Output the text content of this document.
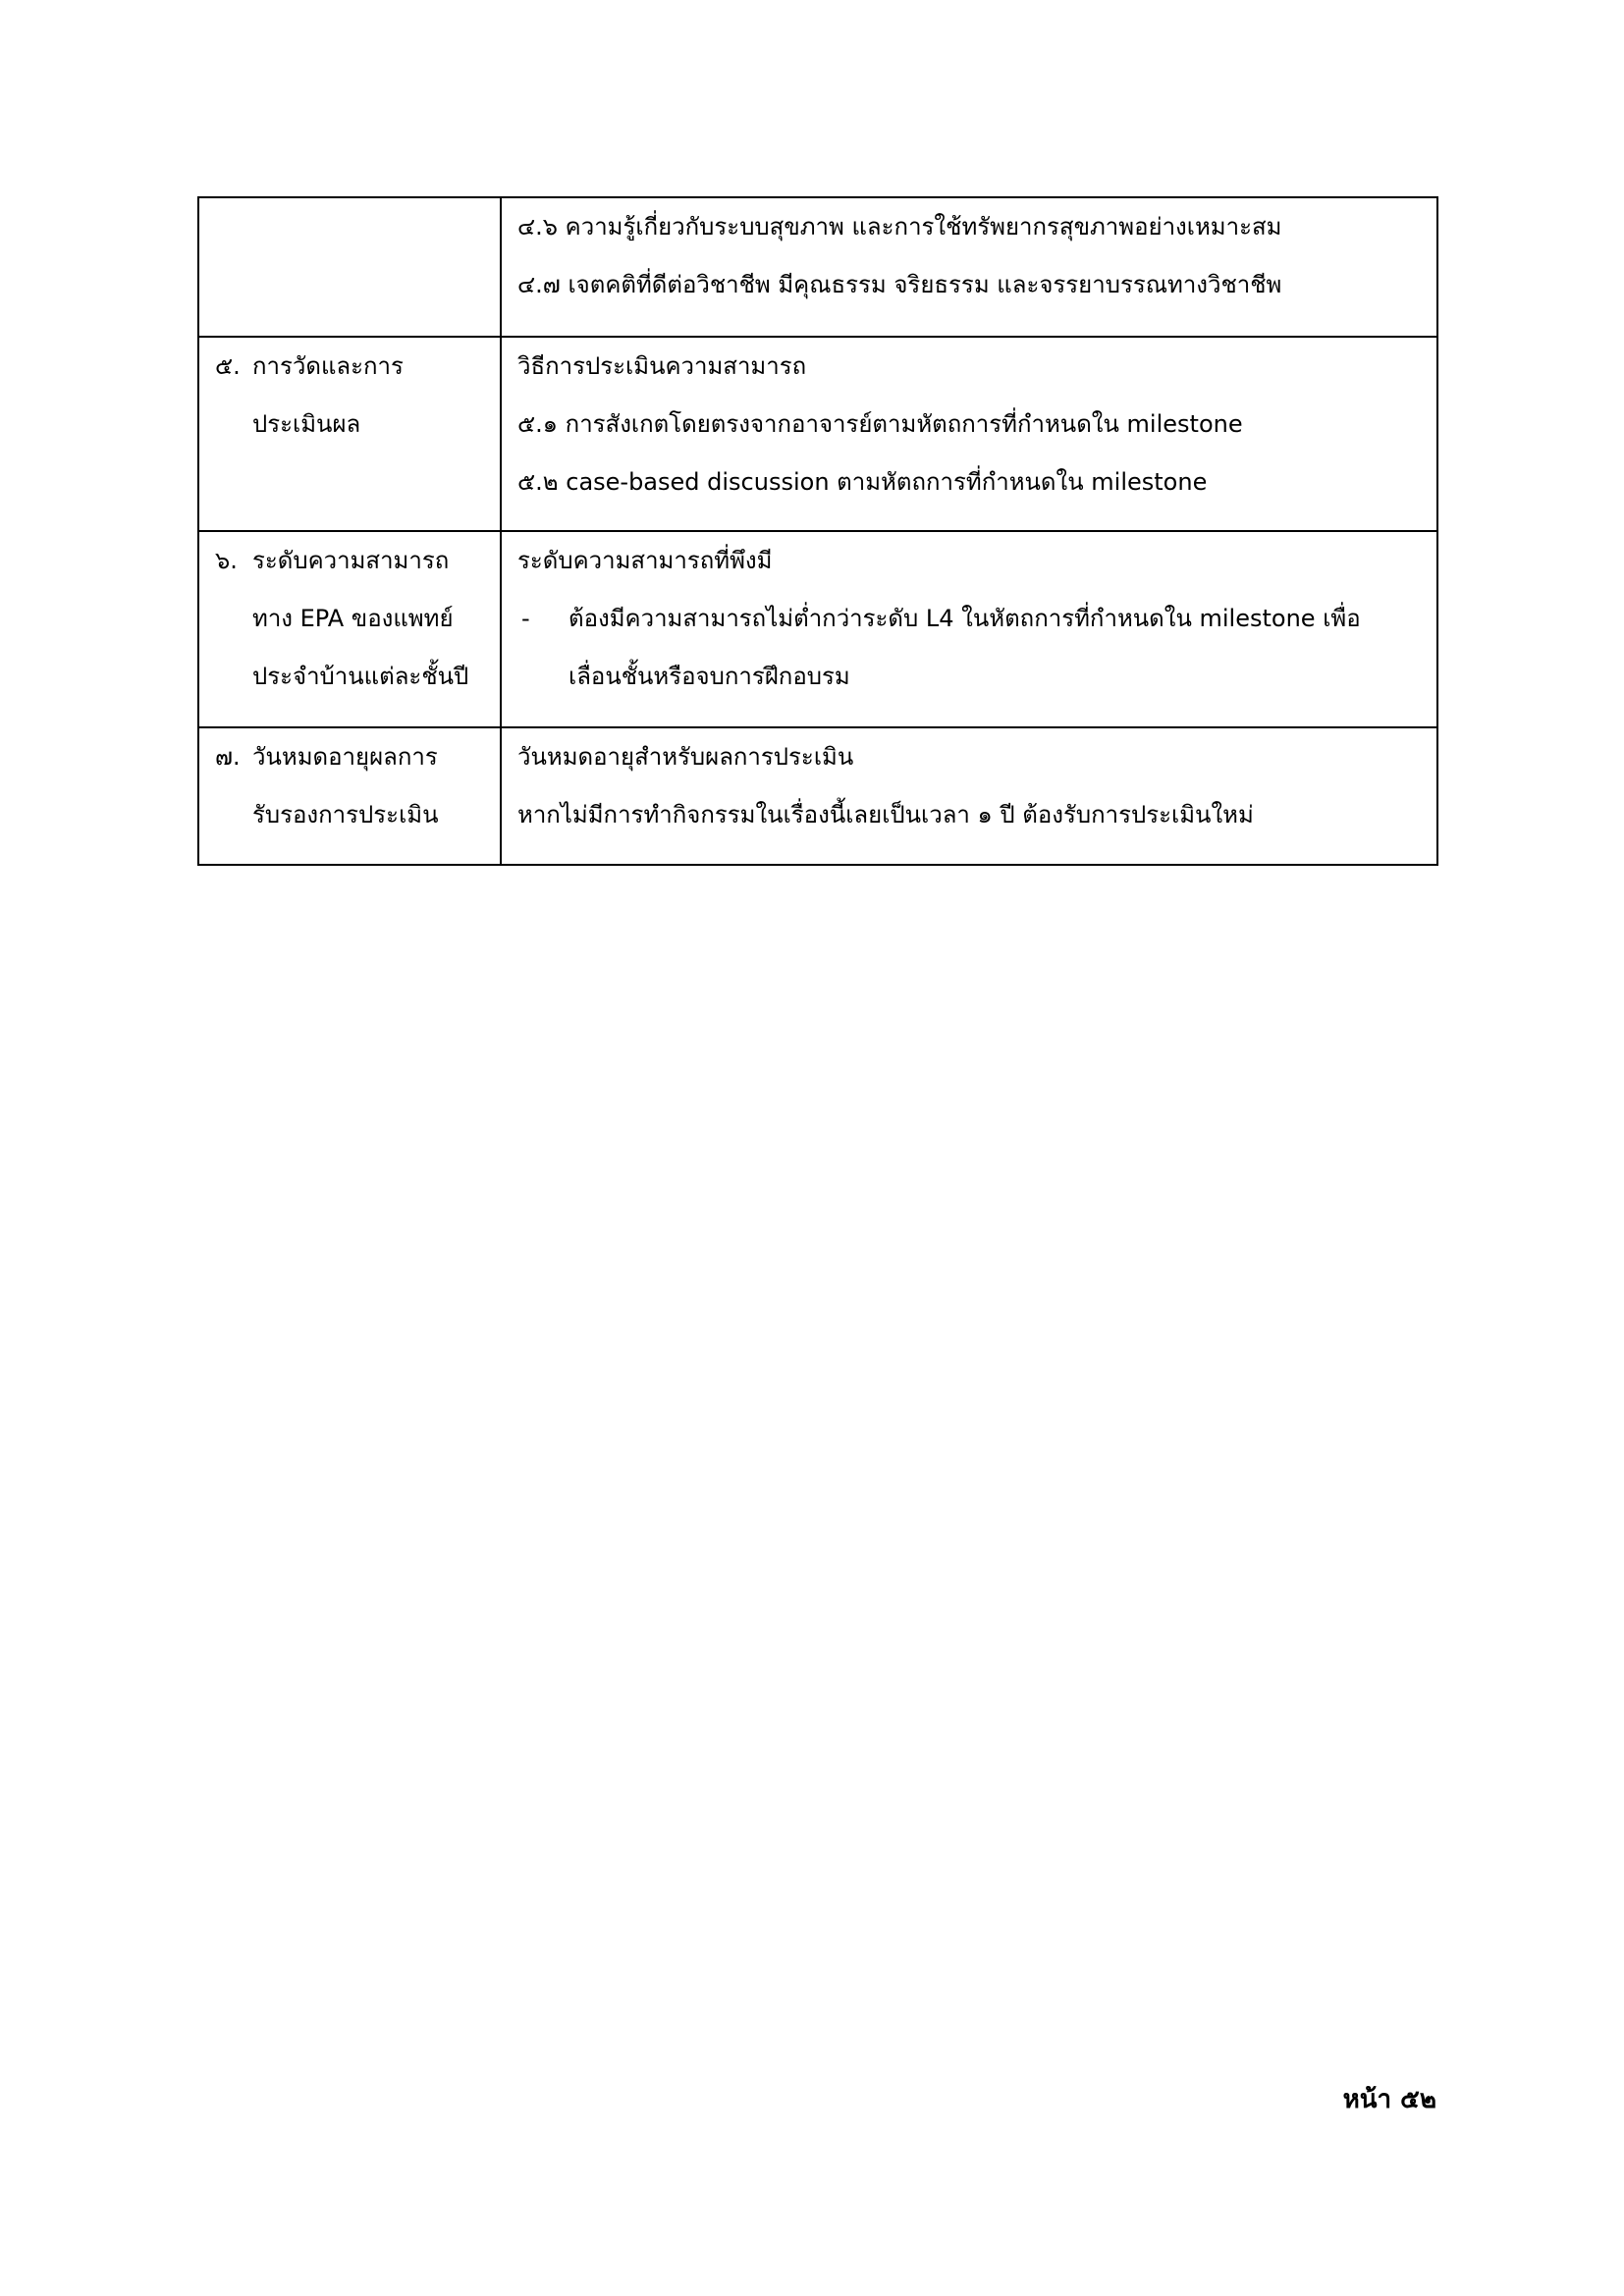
	๔.๖ ความรู้เกี่ยวกับระบบสุขภาพ และการใช้ทรัพยากรสุขภาพอย่างเหมาะสม
๔.๗ เจตคติที่ดีต่อวิชาชีพ มีคุณธรรม จริยธรรม และจรรยาบรรณทางวิชาชีพ

๕. การวัดและการ
ประเมินผล	วิธีการประเมินความสามารถ
๕.๑ การสังเกตโดยตรงจากอาจารย์ตามหัตถการที่กำหนดใน milestone
๕.๒ case-based discussion ตามหัตถการที่กำหนดใน milestone

๖. ระดับความสามารถ
ทาง EPA ของแพทย์
ประจำบ้านแต่ละชั้นปี	ระดับความสามารถที่พึงมี
- ต้องมีความสามารถไม่ต่ำกว่าระดับ L4 ในหัตถการที่กำหนดใน milestone เพื่อ
เลื่อนชั้นหรือจบการฝึกอบรม

๗. วันหมดอายุผลการ
รับรองการประเมิน	วันหมดอายุสำหรับผลการประเมิน
หากไม่มีการทำกิจกรรมในเรื่องนี้เลยเป็นเวลา ๑ ปี ต้องรับการประเมินใหม่
หน้า ๕๒
